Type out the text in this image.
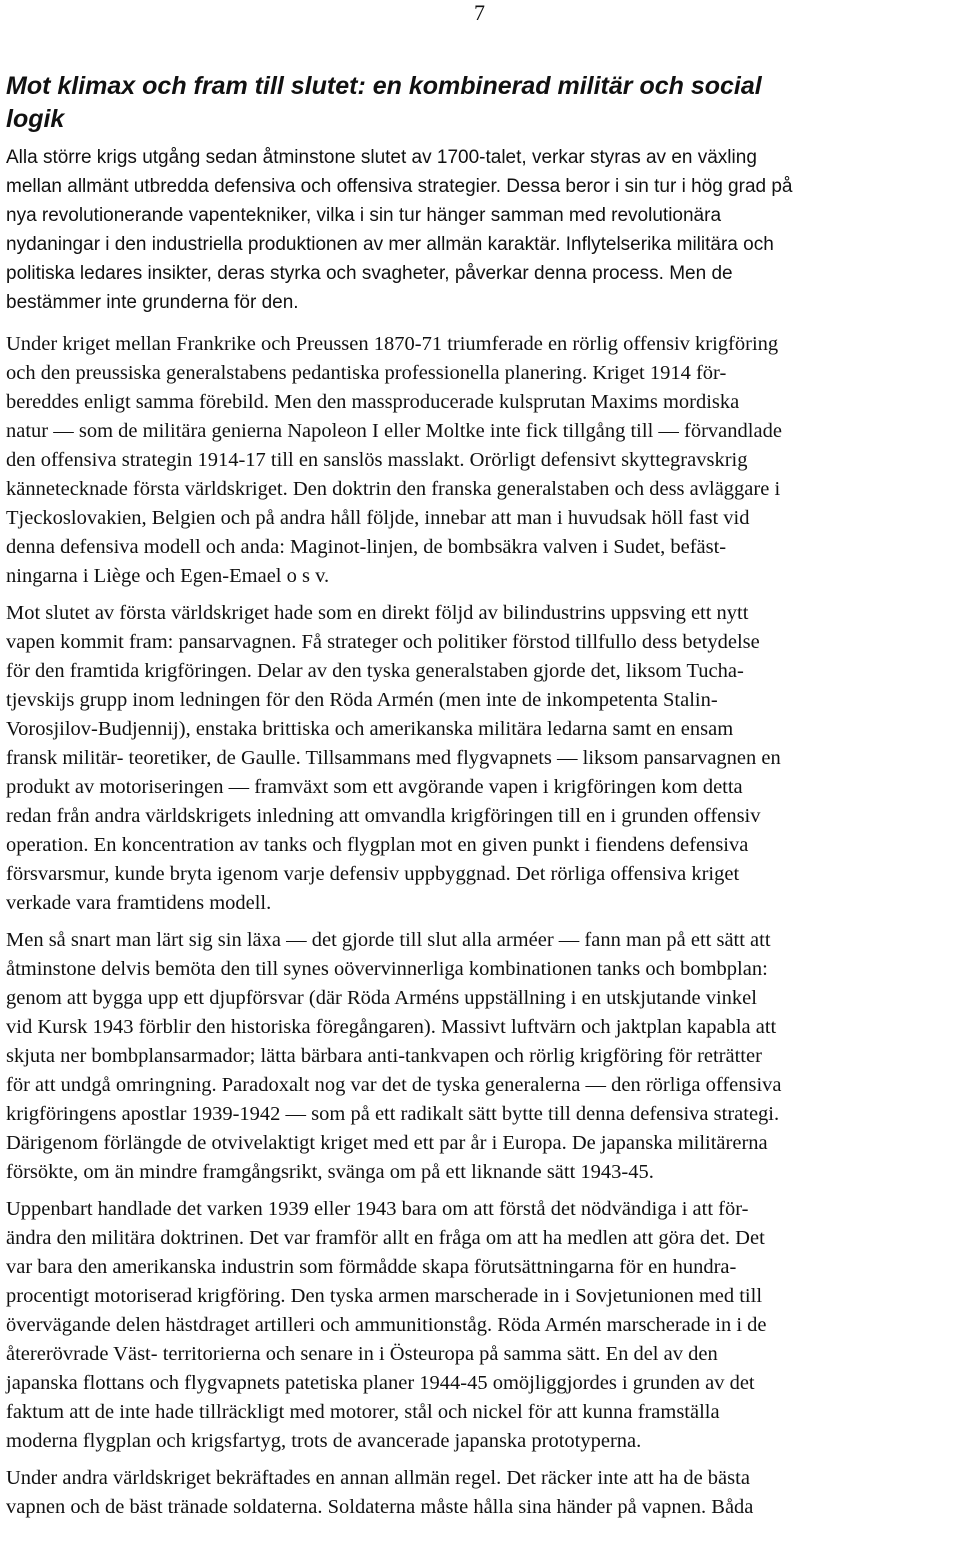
7
Mot klimax och fram till slutet: en kombinerad militär och social
logik
Alla större krigs utgång sedan åtminstone slutet av 1700-talet, verkar styras av en växling
mellan allmänt utbredda defensiva och offensiva strategier. Dessa beror i sin tur i hög grad på
nya revolutionerande vapentekniker, vilka i sin tur hänger samman med revolutionära
nydaningar i den industriella produktionen av mer allmän karaktär. Inflytelserika militära och
politiska ledares insikter, deras styrka och svagheter, påverkar denna process. Men de
bestämmer inte grunderna för den.
Under kriget mellan Frankrike och Preussen 1870-71 triumferade en rörlig offensiv krigföring
och den preussiska generalstabens pedantiska professionella planering. Kriget 1914 för-
bereddes enligt samma förebild. Men den massproducerade kulsprutan Maxims mordiska
natur — som de militära genierna Napoleon I eller Moltke inte fick tillgång till — förvandlade
den offensiva strategin 1914-17 till en sanslös masslakt. Orörligt defensivt skyttegravskrig
kännetecknade första världskriget. Den doktrin den franska generalstaben och dess avläggare i
Tjeckoslovakien, Belgien och på andra håll följde, innebar att man i huvudsak höll fast vid
denna defensiva modell och anda: Maginot-linjen, de bombsäkra valven i Sudet, befäst-
ningarna i Liège och Egen-Emael o s v.
Mot slutet av första världskriget hade som en direkt följd av bilindustrins uppsving ett nytt
vapen kommit fram: pansarvagnen. Få strateger och politiker förstod tillfullo dess betydelse
för den framtida krigföringen. Delar av den tyska generalstaben gjorde det, liksom Tucha-
tjevskijs grupp inom ledningen för den Röda Armén (men inte de inkompetenta Stalin-
Vorosjilov-Budjennij), enstaka brittiska och amerikanska militära ledarna samt en ensam
fransk militär- teoretiker, de Gaulle. Tillsammans med flygvapnets — liksom pansarvagnen en
produkt av motoriseringen — framväxt som ett avgörande vapen i krigföringen kom detta
redan från andra världskrigets inledning att omvandla krigföringen till en i grunden offensiv
operation. En koncentration av tanks och flygplan mot en given punkt i fiendens defensiva
försvarsmur, kunde bryta igenom varje defensiv uppbyggnad. Det rörliga offensiva kriget
verkade vara framtidens modell.
Men så snart man lärt sig sin läxa — det gjorde till slut alla arméer — fann man på ett sätt att
åtminstone delvis bemöta den till synes oövervinnerliga kombinationen tanks och bombplan:
genom att bygga upp ett djupförsvar (där Röda Arméns uppställning i en utskjutande vinkel
vid Kursk 1943 förblir den historiska föregångaren). Massivt luftvärn och jaktplan kapabla att
skjuta ner bombplansarmador; lätta bärbara anti-tankvapen och rörlig krigföring för reträtter
för att undgå omringning. Paradoxalt nog var det de tyska generalerna — den rörliga offensiva
krigföringens apostlar 1939-1942 — som på ett radikalt sätt bytte till denna defensiva strategi.
Därigenom förlängde de otvivelaktigt kriget med ett par år i Europa. De japanska militärerna
försökte, om än mindre framgångsrikt, svänga om på ett liknande sätt 1943-45.
Uppenbart handlade det varken 1939 eller 1943 bara om att förstå det nödvändiga i att för-
ändra den militära doktrinen. Det var framför allt en fråga om att ha medlen att göra det. Det
var bara den amerikanska industrin som förmådde skapa förutsättningarna för en hundra-
procentigt motoriserad krigföring. Den tyska armen marscherade in i Sovjetunionen med till
övervägande delen hästdraget artilleri och ammunitionståg. Röda Armén marscherade in i de
återerövrade Väst- territorierna och senare in i Östeuropa på samma sätt. En del av den
japanska flottans och flygvapnets patetiska planer 1944-45 omöjliggjordes i grunden av det
faktum att de inte hade tillräckligt med motorer, stål och nickel för att kunna framställa
moderna flygplan och krigsfartyg, trots de avancerade japanska prototyperna.
Under andra världskriget bekräftades en annan allmän regel. Det räcker inte att ha de bästa
vapnen och de bäst tränade soldaterna. Soldaterna måste hålla sina händer på vapnen. Båda
